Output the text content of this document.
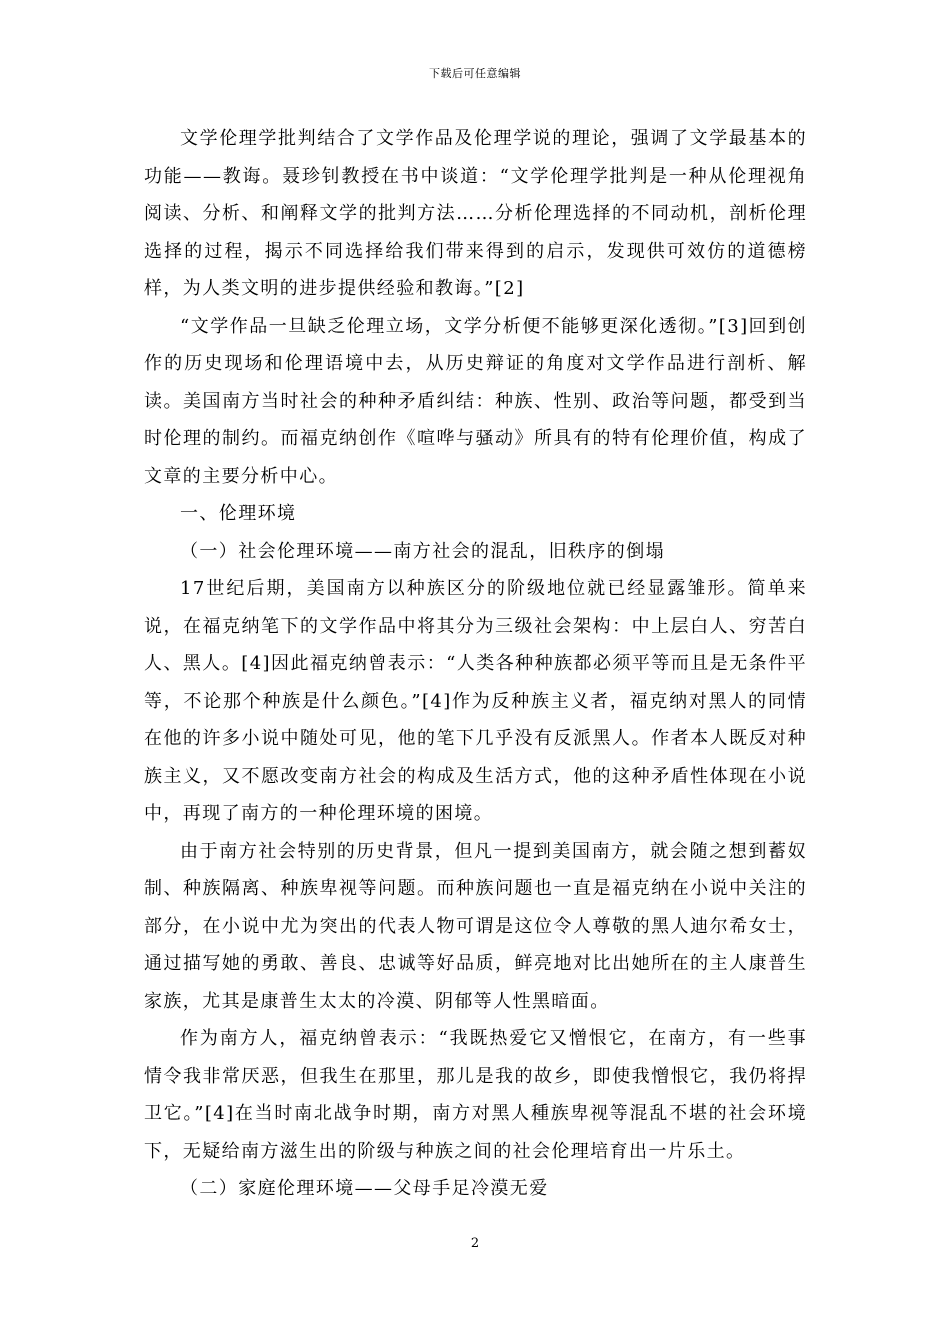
下载后可任意编辑

文学伦理学批判结合了文学作品及伦理学说的理论，强调了文学最基本的功能——教诲。聂珍钊教授在书中谈道：“文学伦理学批判是一种从伦理视角阅读、分析、和阐释文学的批判方法……分析伦理选择的不同动机，剖析伦理选择的过程，揭示不同选择给我们带来得到的启示，发现供可效仿的道德榜样，为人类文明的进步提供经验和教诲。”[2]

“文学作品一旦缺乏伦理立场，文学分析便不能够更深化透彻。”[3]回到创作的历史现场和伦理语境中去，从历史辩证的角度对文学作品进行剖析、解读。美国南方当时社会的种种矛盾纠结：种族、性别、政治等问题，都受到当时伦理的制约。而福克纳创作《喧哗与骚动》所具有的特有伦理价值，构成了文章的主要分析中心。

一、伦理环境

（一）社会伦理环境——南方社会的混乱，旧秩序的倒塌

17世纪后期，美国南方以种族区分的阶级地位就已经显露雏形。简单来说，在福克纳笔下的文学作品中将其分为三级社会架构：中上层白人、穷苦白人、黑人。[4]因此福克纳曾表示：“人类各种种族都必须平等而且是无条件平等，不论那个种族是什么颜色。”[4]作为反种族主义者，福克纳对黑人的同情在他的许多小说中随处可见，他的笔下几乎没有反派黑人。作者本人既反对种族主义，又不愿改变南方社会的构成及生活方式，他的这种矛盾性体现在小说中，再现了南方的一种伦理环境的困境。

由于南方社会特别的历史背景，但凡一提到美国南方，就会随之想到蓄奴制、种族隔离、种族卑视等问题。而种族问题也一直是福克纳在小说中关注的部分，在小说中尤为突出的代表人物可谓是这位令人尊敬的黑人迪尔希女士，通过描写她的勇敢、善良、忠诚等好品质，鲜亮地对比出她所在的主人康普生家族，尤其是康普生太太的冷漠、阴郁等人性黑暗面。

作为南方人，福克纳曾表示：“我既热爱它又憎恨它，在南方，有一些事情令我非常厌恶，但我生在那里，那儿是我的故乡，即使我憎恨它，我仍将捍卫它。”[4]在当时南北战争时期，南方对黑人種族卑视等混乱不堪的社会环境下，无疑给南方滋生出的阶级与种族之间的社会伦理培育出一片乐土。

（二）家庭伦理环境——父母手足冷漠无爱

2
